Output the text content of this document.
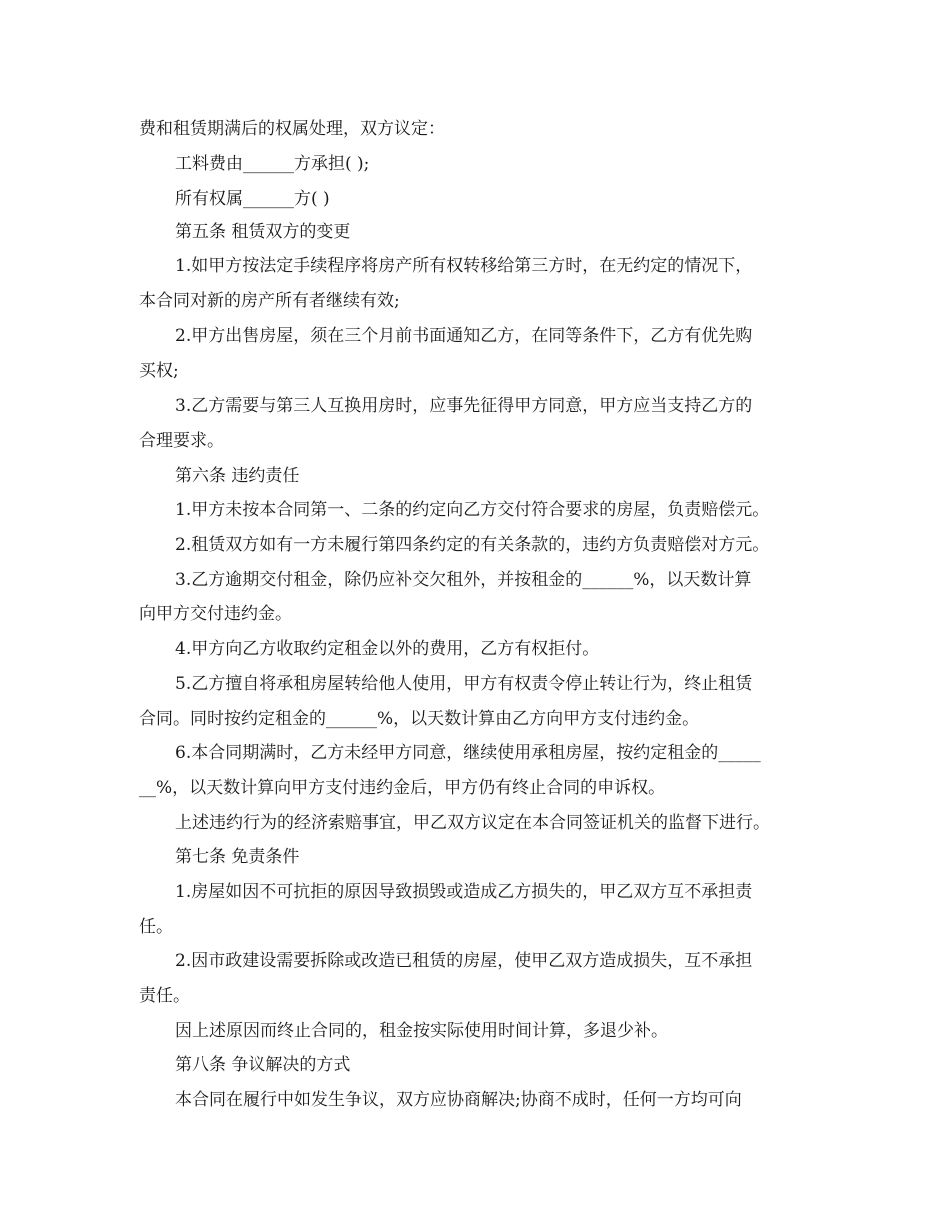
费和租赁期满后的权属处理，双方议定：
工料费由______方承担( );
所有权属______方( )
第五条 租赁双方的变更
1.如甲方按法定手续程序将房产所有权转移给第三方时，在无约定的情况下，
本合同对新的房产所有者继续有效;
2.甲方出售房屋，须在三个月前书面通知乙方，在同等条件下，乙方有优先购
买权;
3.乙方需要与第三人互换用房时，应事先征得甲方同意，甲方应当支持乙方的
合理要求。
第六条 违约责任
1.甲方未按本合同第一、二条的约定向乙方交付符合要求的房屋，负责赔偿元。
2.租赁双方如有一方未履行第四条约定的有关条款的，违约方负责赔偿对方元。
3.乙方逾期交付租金，除仍应补交欠租外，并按租金的______%，以天数计算
向甲方交付违约金。
4.甲方向乙方收取约定租金以外的费用，乙方有权拒付。
5.乙方擅自将承租房屋转给他人使用，甲方有权责令停止转让行为，终止租赁
合同。同时按约定租金的______%，以天数计算由乙方向甲方支付违约金。
6.本合同期满时，乙方未经甲方同意，继续使用承租房屋，按约定租金的_____
__%，以天数计算向甲方支付违约金后，甲方仍有终止合同的申诉权。
上述违约行为的经济索赔事宜，甲乙双方议定在本合同签证机关的监督下进行。
第七条 免责条件
1.房屋如因不可抗拒的原因导致损毁或造成乙方损失的，甲乙双方互不承担责
任。
2.因市政建设需要拆除或改造已租赁的房屋，使甲乙双方造成损失，互不承担
责任。
因上述原因而终止合同的，租金按实际使用时间计算，多退少补。
第八条 争议解决的方式
本合同在履行中如发生争议，双方应协商解决;协商不成时，任何一方均可向
